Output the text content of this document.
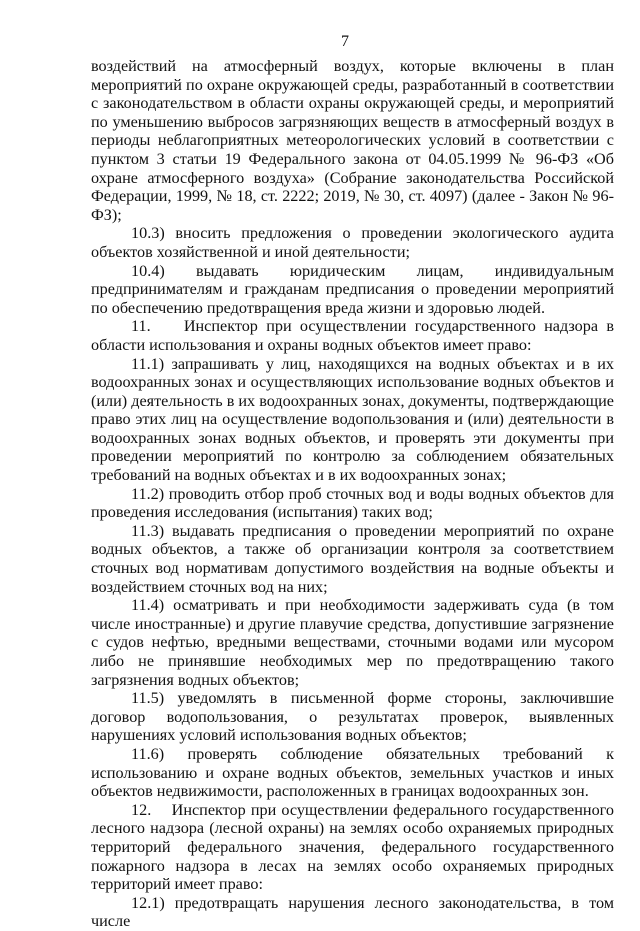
7

воздействий на атмосферный воздух, которые включены в план мероприятий по охране окружающей среды, разработанный в соответствии с законодательством в области охраны окружающей среды, и мероприятий по уменьшению выбросов загрязняющих веществ в атмосферный воздух в периоды неблагоприятных метеорологических условий в соответствии с пунктом 3 статьи 19 Федерального закона от 04.05.1999 № 96-ФЗ «Об охране атмосферного воздуха» (Собрание законодательства Российской Федерации, 1999, № 18, ст. 2222; 2019, № 30, ст. 4097) (далее - Закон № 96-ФЗ);

10.3) вносить предложения о проведении экологического аудита объектов хозяйственной и иной деятельности;

10.4) выдавать юридическим лицам, индивидуальным предпринимателям и гражданам предписания о проведении мероприятий по обеспечению предотвращения вреда жизни и здоровью людей.

11.    Инспектор при осуществлении государственного надзора в области использования и охраны водных объектов имеет право:

11.1) запрашивать у лиц, находящихся на водных объектах и в их водоохранных зонах и осуществляющих использование водных объектов и (или) деятельность в их водоохранных зонах, документы, подтверждающие право этих лиц на осуществление водопользования и (или) деятельности в водоохранных зонах водных объектов, и проверять эти документы при проведении мероприятий по контролю за соблюдением обязательных требований на водных объектах и в их водоохранных зонах;

11.2) проводить отбор проб сточных вод и воды водных объектов для проведения исследования (испытания) таких вод;

11.3) выдавать предписания о проведении мероприятий по охране водных объектов, а также об организации контроля за соответствием сточных вод нормативам допустимого воздействия на водные объекты и воздействием сточных вод на них;

11.4) осматривать и при необходимости задерживать суда (в том числе иностранные) и другие плавучие средства, допустившие загрязнение с судов нефтью, вредными веществами, сточными водами или мусором либо не принявшие необходимых мер по предотвращению такого загрязнения водных объектов;

11.5) уведомлять в письменной форме стороны, заключившие договор водопользования, о результатах проверок, выявленных нарушениях условий использования водных объектов;

11.6) проверять соблюдение обязательных требований к использованию и охране водных объектов, земельных участков и иных объектов недвижимости, расположенных в границах водоохранных зон.

12.    Инспектор при осуществлении федерального государственного лесного надзора (лесной охраны) на землях особо охраняемых природных территорий федерального значения, федерального государственного пожарного надзора в лесах на землях особо охраняемых природных территорий имеет право:

12.1) предотвращать нарушения лесного законодательства, в том числе
